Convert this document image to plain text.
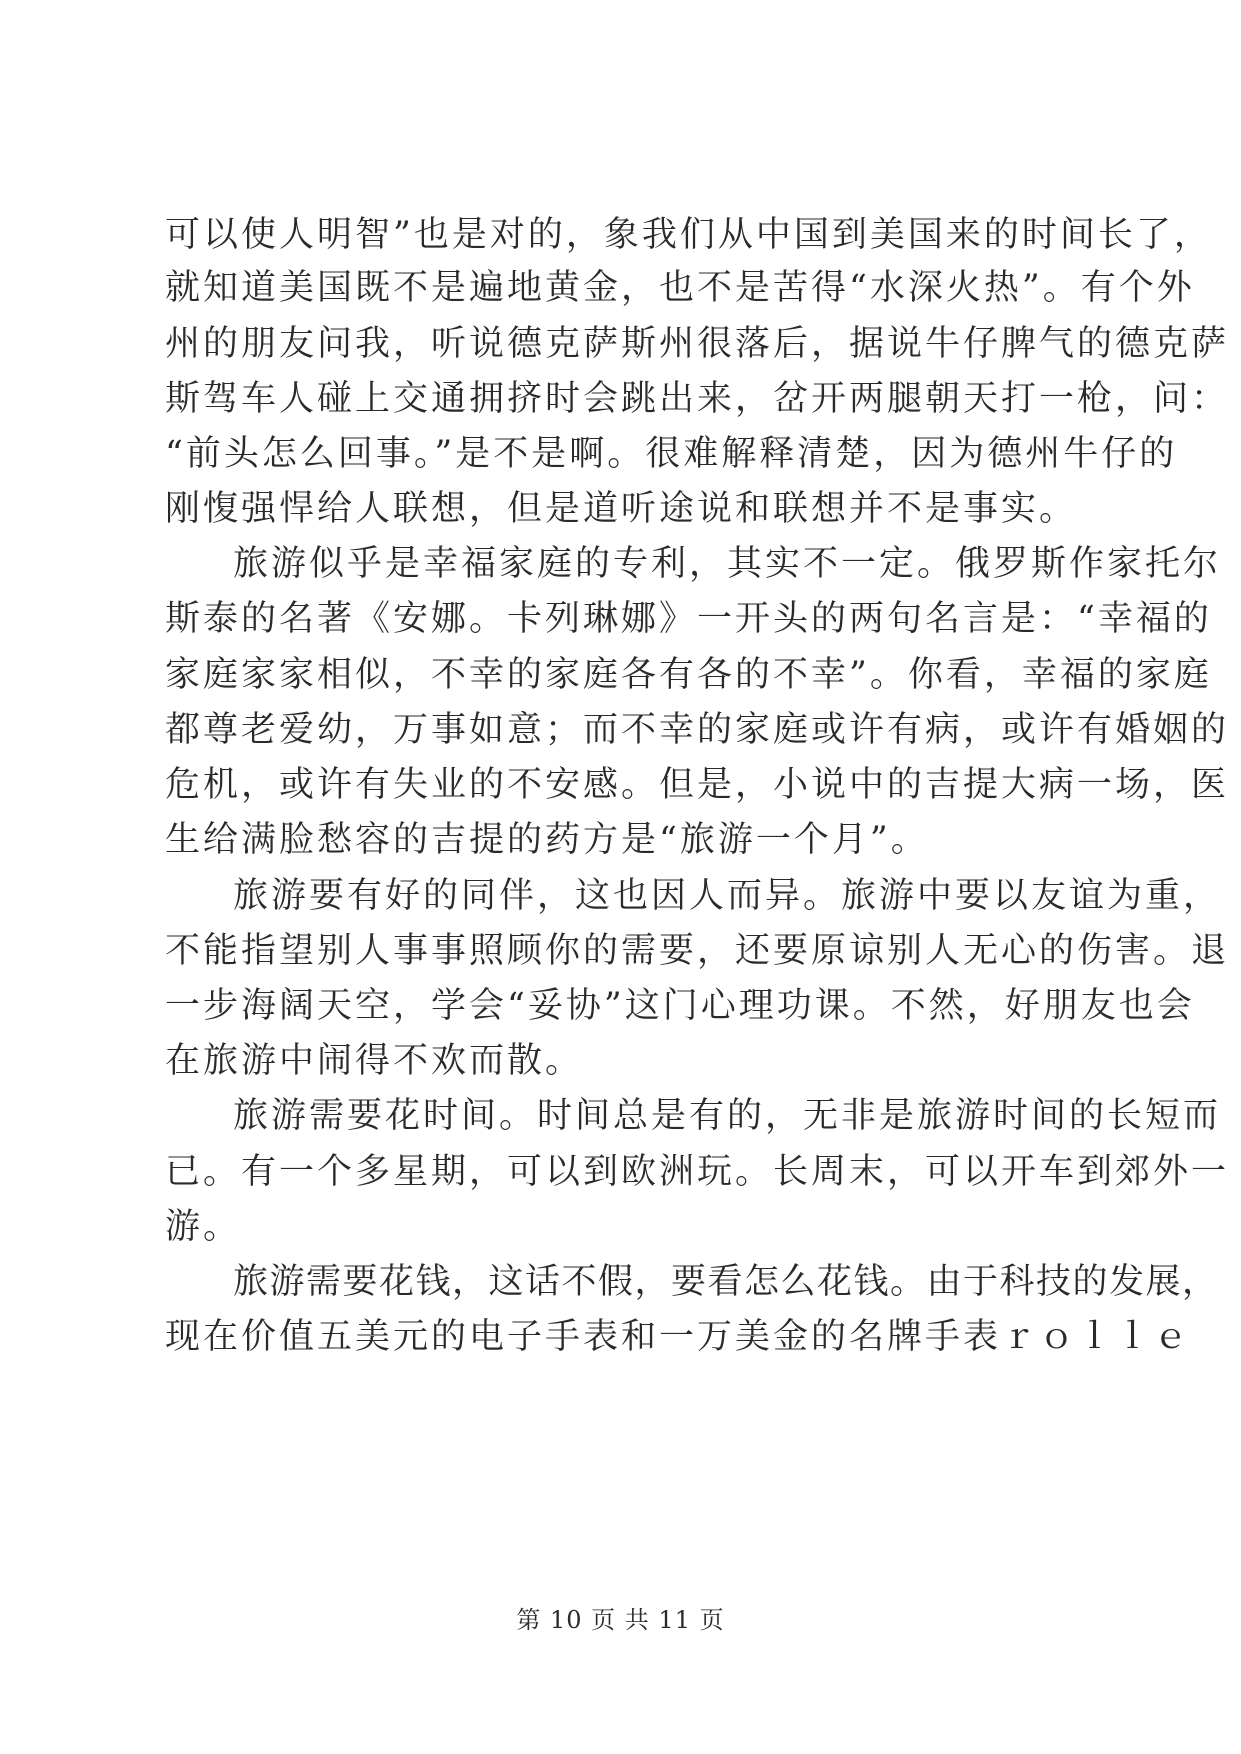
可以使人明智”也是对的，象我们从中国到美国来的时间长了，
就知道美国既不是遍地黄金，也不是苦得“水深火热”。有个外
州的朋友问我，听说德克萨斯州很落后，据说牛仔脾气的德克萨
斯驾车人碰上交通拥挤时会跳出来，岔开两腿朝天打一枪，问：
“前头怎么回事。”是不是啊。很难解释清楚，因为德州牛仔的
刚愎强悍给人联想，但是道听途说和联想并不是事实。
旅游似乎是幸福家庭的专利，其实不一定。俄罗斯作家托尔
斯泰的名著《安娜。卡列琳娜》一开头的两句名言是：“幸福的
家庭家家相似，不幸的家庭各有各的不幸”。你看，幸福的家庭
都尊老爱幼，万事如意；而不幸的家庭或许有病，或许有婚姻的
危机，或许有失业的不安感。但是，小说中的吉提大病一场，医
生给满脸愁容的吉提的药方是“旅游一个月”。
旅游要有好的同伴，这也因人而异。旅游中要以友谊为重，
不能指望别人事事照顾你的需要，还要原谅别人无心的伤害。退
一步海阔天空，学会“妥协”这门心理功课。不然，好朋友也会
在旅游中闹得不欢而散。
旅游需要花时间。时间总是有的，无非是旅游时间的长短而
已。有一个多星期，可以到欧洲玩。长周末，可以开车到郊外一
游。
旅游需要花钱，这话不假，要看怎么花钱。由于科技的发展，
现在价值五美元的电子手表和一万美金的名牌手表ｒｏｌｌｅ
第 10 页 共 11 页
